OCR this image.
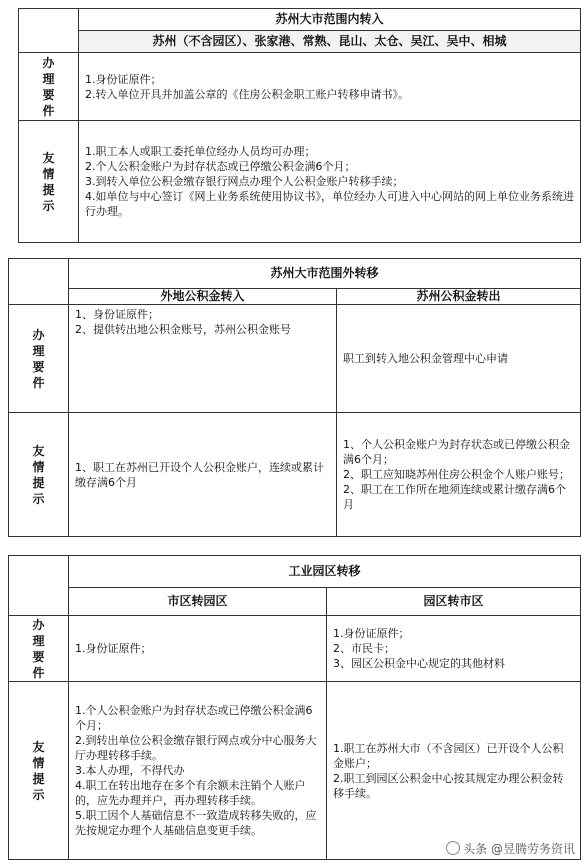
	苏州大市范围内转入
	苏州（不含园区）、张家港、常熟、昆山、太仓、吴江、吴中、相城

办
理
要
件	1.身份证原件；
2.转入单位开具并加盖公章的《住房公积金职工账户转移申请书》。

友
情
提
示	1.职工本人或职工委托单位经办人员均可办理；
2.个人公积金账户为封存状态或已停缴公积金满6个月；
3.到转入单位公积金缴存银行网点办理个人公积金账户转移手续；
4.如单位与中心签订《网上业务系统使用协议书》，单位经办人可进入中心网站的网上单位业务系统进行办理。
	苏州大市范围外转移	
	外地公积金转入	苏州公积金转出

办
理
要
件	1、身份证原件；
2、提供转出地公积金账号，苏州公积金账号	职工到转入地公积金管理中心申请

友
情
提
示	1、职工在苏州已开设个人公积金账户，连续或累计缴存满6个月	1、个人公积金账户为封存状态或已停缴公积金满6个月；
2、职工应知晓苏州住房公积金个人账户账号；
2、职工在工作所在地须连续或累计缴存满6个月
	工业园区转移	
	市区转园区	园区转市区

办
理
要
件	1.身份证原件；	1.身份证原件；
2、市民卡；
3、园区公积金中心规定的其他材料

友
情
提
示	1.个人公积金账户为封存状态或已停缴公积金满6个月；
2.到转出单位公积金缴存银行网点或分中心服务大厅办理转移手续。
3.本人办理，不得代办
4.职工在转出地存在多个有余额未注销个人账户的，应先办理并户，再办理转移手续。
5.职工因个人基础信息不一致造成转移失败的，应先按规定办理个人基础信息变更手续。	1.职工在苏州大市（不含园区）已开设个人公积金账户；
2.职工到园区公积金中心按其规定办理公积金转移手续。
头条 @昱腾劳务资讯
